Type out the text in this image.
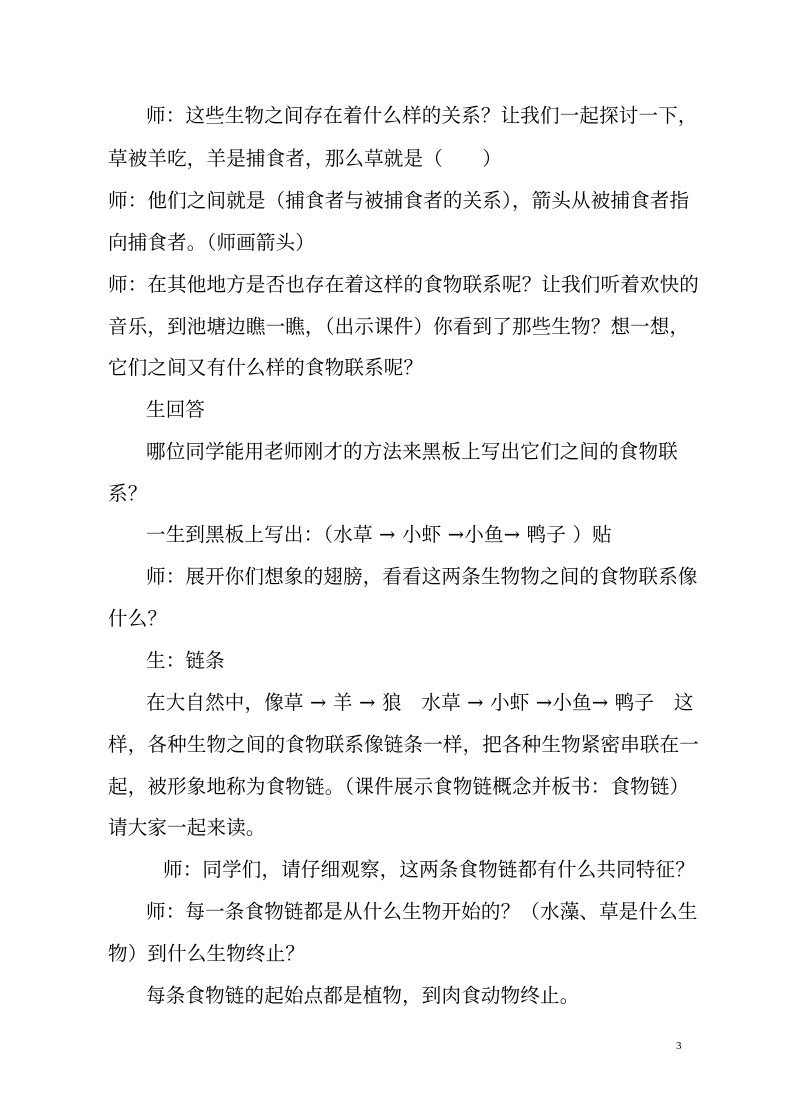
师：这些生物之间存在着什么样的关系？让我们一起探讨一下，
草被羊吃，羊是捕食者，那么草就是（　　）
师：他们之间就是（捕食者与被捕食者的关系），箭头从被捕食者指
向捕食者。（师画箭头）
师：在其他地方是否也存在着这样的食物联系呢？让我们听着欢快的
音乐，到池塘边瞧一瞧，（出示课件）你看到了那些生物？想一想，
它们之间又有什么样的食物联系呢？
生回答
哪位同学能用老师刚才的方法来黑板上写出它们之间的食物联
系？
一生到黑板上写出：（水草 → 小虾 →小鱼→ 鸭子 ）贴
师：展开你们想象的翅膀，看看这两条生物物之间的食物联系像
什么？
生：链条
在大自然中，像草 → 羊 → 狼　水草 → 小虾 →小鱼→ 鸭子　这
样，各种生物之间的食物联系像链条一样，把各种生物紧密串联在一
起，被形象地称为食物链。（课件展示食物链概念并板书：食物链）
请大家一起来读。
师：同学们，请仔细观察，这两条食物链都有什么共同特征？
师：每一条食物链都是从什么生物开始的？（水藻、草是什么生
物）到什么生物终止？
每条食物链的起始点都是植物，到肉食动物终止。
3
